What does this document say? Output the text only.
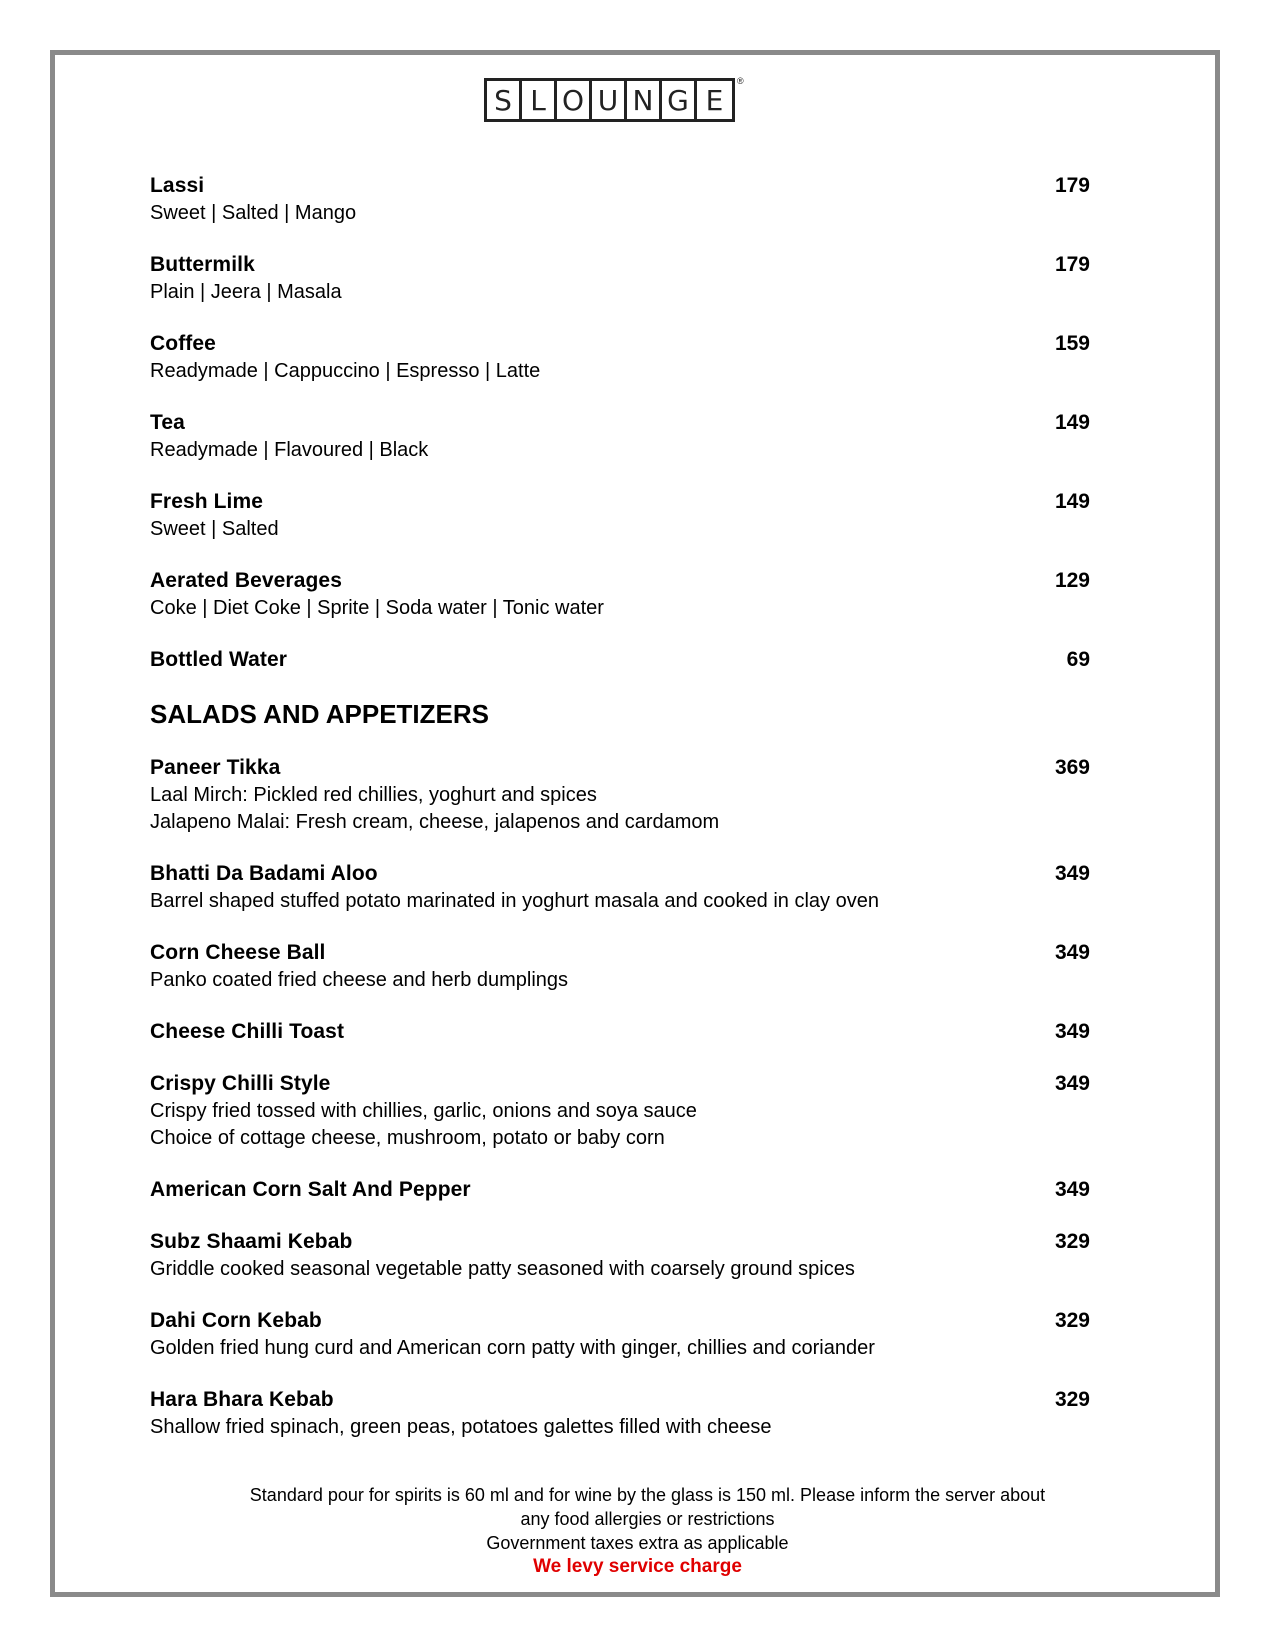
S L O U N G E
®
Lassi	179
Sweet | Salted | Mango
Buttermilk	179
Plain | Jeera | Masala
Coffee	159
Readymade | Cappuccino | Espresso | Latte
Tea	149
Readymade | Flavoured | Black
Fresh Lime	149
Sweet | Salted
Aerated Beverages	129
Coke | Diet Coke | Sprite | Soda water | Tonic water
Bottled Water	69
SALADS AND APPETIZERS
Paneer Tikka	369
Laal Mirch: Pickled red chillies, yoghurt and spices
Jalapeno Malai: Fresh cream, cheese, jalapenos and cardamom
Bhatti Da Badami Aloo	349
Barrel shaped stuffed potato marinated in yoghurt masala and cooked in clay oven
Corn Cheese Ball	349
Panko coated fried cheese and herb dumplings
Cheese Chilli Toast	349
Crispy Chilli Style	349
Crispy fried tossed with chillies, garlic, onions and soya sauce
Choice of cottage cheese, mushroom, potato or baby corn
American Corn Salt And Pepper	349
Subz Shaami Kebab	329
Griddle cooked seasonal vegetable patty seasoned with coarsely ground spices
Dahi Corn Kebab	329
Golden fried hung curd and American corn patty with ginger, chillies and coriander
Hara Bhara Kebab	329
Shallow fried spinach, green peas, potatoes galettes filled with cheese
Standard pour for spirits is 60 ml and for wine by the glass is 150 ml. Please inform the server about any food allergies or restrictions
Government taxes extra as applicable
We levy service charge
